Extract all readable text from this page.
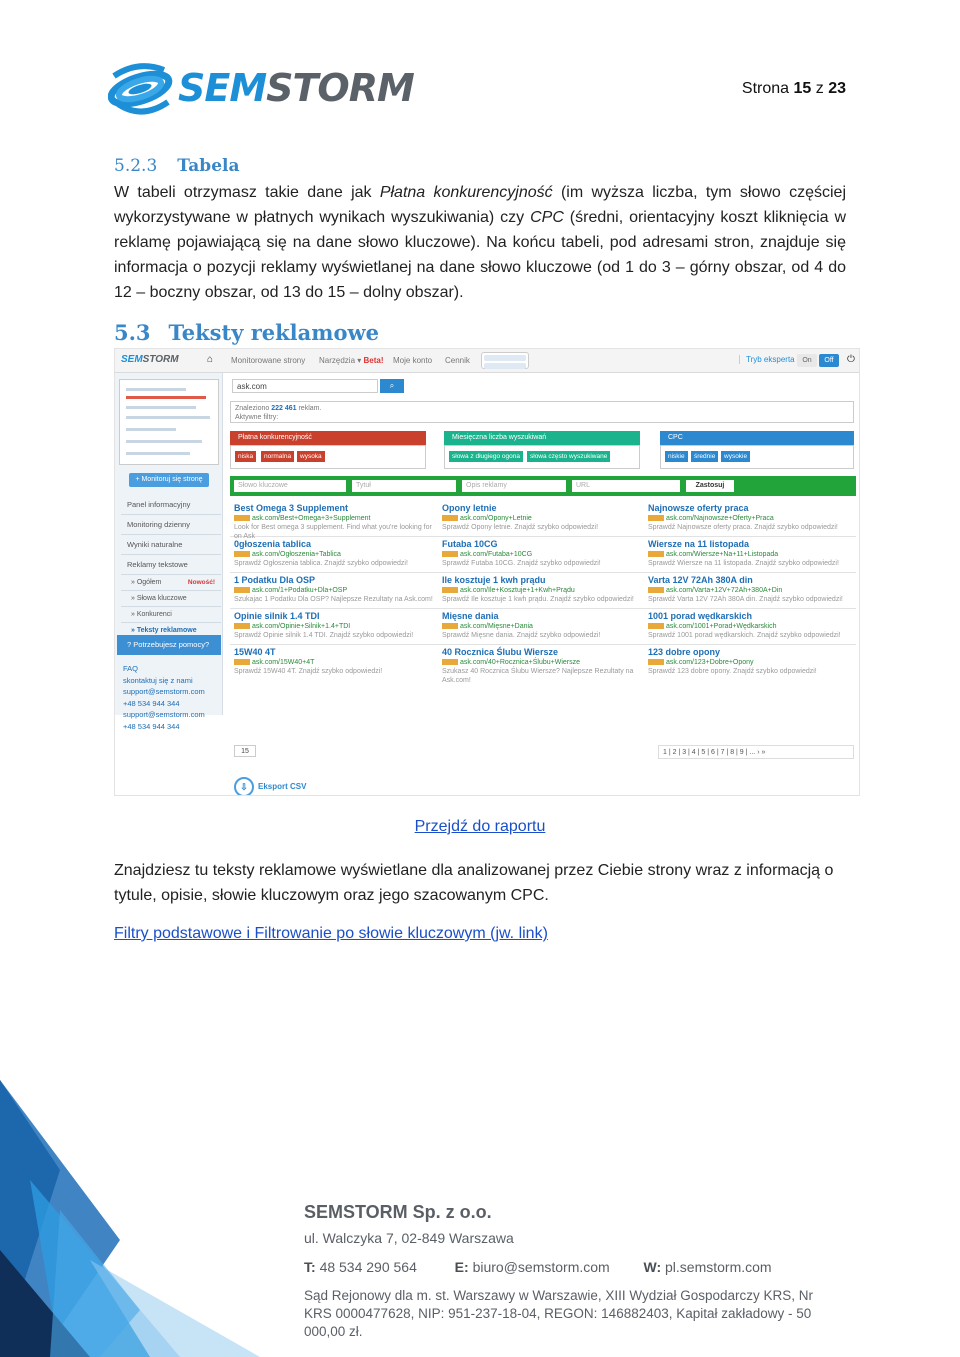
SEMSTORM	Strona 15 z 23
5.2.3 Tabela
W tabeli otrzymasz takie dane jak Płatna konkurencyjność (im wyższa liczba, tym słowo częściej wykorzystywane w płatnych wynikach wyszukiwania) czy CPC (średni, orientacyjny koszt kliknięcia w reklamę pojawiającą się na dane słowo kluczowe). Na końcu tabeli, pod adresami stron, znajduje się informacja o pozycji reklamy wyświetlanej na dane słowo kluczowe (od 1 do 3 – górny obszar, od 4 do 12 – boczny obszar, od 13 do 15 – dolny obszar).
5.3 Teksty reklamowe
SEMSTORM	⌂ Monitorowane strony Narzędzia ▾ Beta! Moje konto Cennik	Tryb eksperta	On	Off	⏻
+ Monitoruj się stronę
Panel informacyjny
Monitoring dzienny
Wyniki naturalne
Reklamy tekstowe
» Ogółem	Nowość!
» Słowa kluczowe
» Konkurenci
» Teksty reklamowe
? Potrzebujesz pomocy?
FAQ
skontaktuj się z nami
support@semstorm.com
+48 534 944 344
support@semstorm.com
+48 534 944 344
ask.com	⌕
Znaleziono 222 461 reklam.
Aktywne filtry:
Płatna konkurencyjność	Miesięczna liczba wyszukiwań	CPC
niska	normalna	wysoka	słowa z długiego ogona	słowa często wyszukiwane	niskie	średnie	wysokie
Słowo kluczowe	Tytuł	Opis reklamy	URL	Zastosuj
Best Omega 3 Supplement
ask.com/Best+Omega+3+Supplement
Look for Best omega 3 supplement. Find what you're looking for on Ask
Opony letnie
ask.com/Opony+Letnie
Sprawdź Opony letnie. Znajdź szybko odpowiedzi!
Najnowsze oferty praca
ask.com/Najnowsze+Oferty+Praca
Sprawdź Najnowsze oferty praca. Znajdź szybko odpowiedzi!
0głoszenia tablica
ask.com/Ogłoszenia+Tablica
Sprawdź Ogłoszenia tablica. Znajdź szybko odpowiedzi!
Futaba 10CG
ask.com/Futaba+10CG
Sprawdź Futaba 10CG. Znajdź szybko odpowiedzi!
Wiersze na 11 listopada
ask.com/Wiersze+Na+11+Listopada
Sprawdź Wiersze na 11 listopada. Znajdź szybko odpowiedzi!
1 Podatku Dla OSP
ask.com/1+Podatku+Dla+OSP
Szukajac 1 Podatku Dla OSP? Najlepsze Rezultaty na Ask.com!
Ile kosztuje 1 kwh prądu
ask.com/Ile+Kosztuje+1+Kwh+Prądu
Sprawdź Ile kosztuje 1 kwh prądu. Znajdź szybko odpowiedzi!
Varta 12V 72Ah 380A din
ask.com/Varta+12V+72Ah+380A+Din
Sprawdź Varta 12V 72Ah 380A din. Znajdź szybko odpowiedzi!
Opinie silnik 1.4 TDI
ask.com/Opinie+Silnik+1.4+TDI
Sprawdź Opinie silnik 1.4 TDI. Znajdź szybko odpowiedzi!
Mięsne dania
ask.com/Mięsne+Dania
Sprawdź Mięsne dania. Znajdź szybko odpowiedzi!
1001 porad wędkarskich
ask.com/1001+Porad+Wędkarskich
Sprawdź 1001 porad wędkarskich. Znajdź szybko odpowiedzi!
15W40 4T
ask.com/15W40+4T
Sprawdź 15W40 4T. Znajdź szybko odpowiedzi!
40 Rocznica Ślubu Wiersze
ask.com/40+Rocznica+Ślubu+Wiersze
Szukasz 40 Rocznica Ślubu Wiersze? Najlepsze Rezultaty na Ask.com!
123 dobre opony
ask.com/123+Dobre+Opony
Sprawdź 123 dobre opony. Znajdź szybko odpowiedzi!
15	1 | 2 | 3 | 4 | 5 | 6 | 7 | 8 | 9 | ... › »
⇩ Eksport CSV
Przejdź do raportu
Znajdziesz tu teksty reklamowe wyświetlane dla analizowanej przez Ciebie strony wraz z informacją o tytule, opisie, słowie kluczowym oraz jego szacowanym CPC.
Filtry podstawowe i Filtrowanie po słowie kluczowym (jw. link)
SEMSTORM Sp. z o.o.
ul. Walczyka 7, 02-849 Warszawa
T: 48 534 290 564	E: biuro@semstorm.com W: pl.semstorm.com
Sąd Rejonowy dla m. st. Warszawy w Warszawie, XIII Wydział Gospodarczy KRS, Nr KRS 0000477628, NIP: 951-237-18-04, REGON: 146882403, Kapitał zakładowy - 50 000,00 zł.
